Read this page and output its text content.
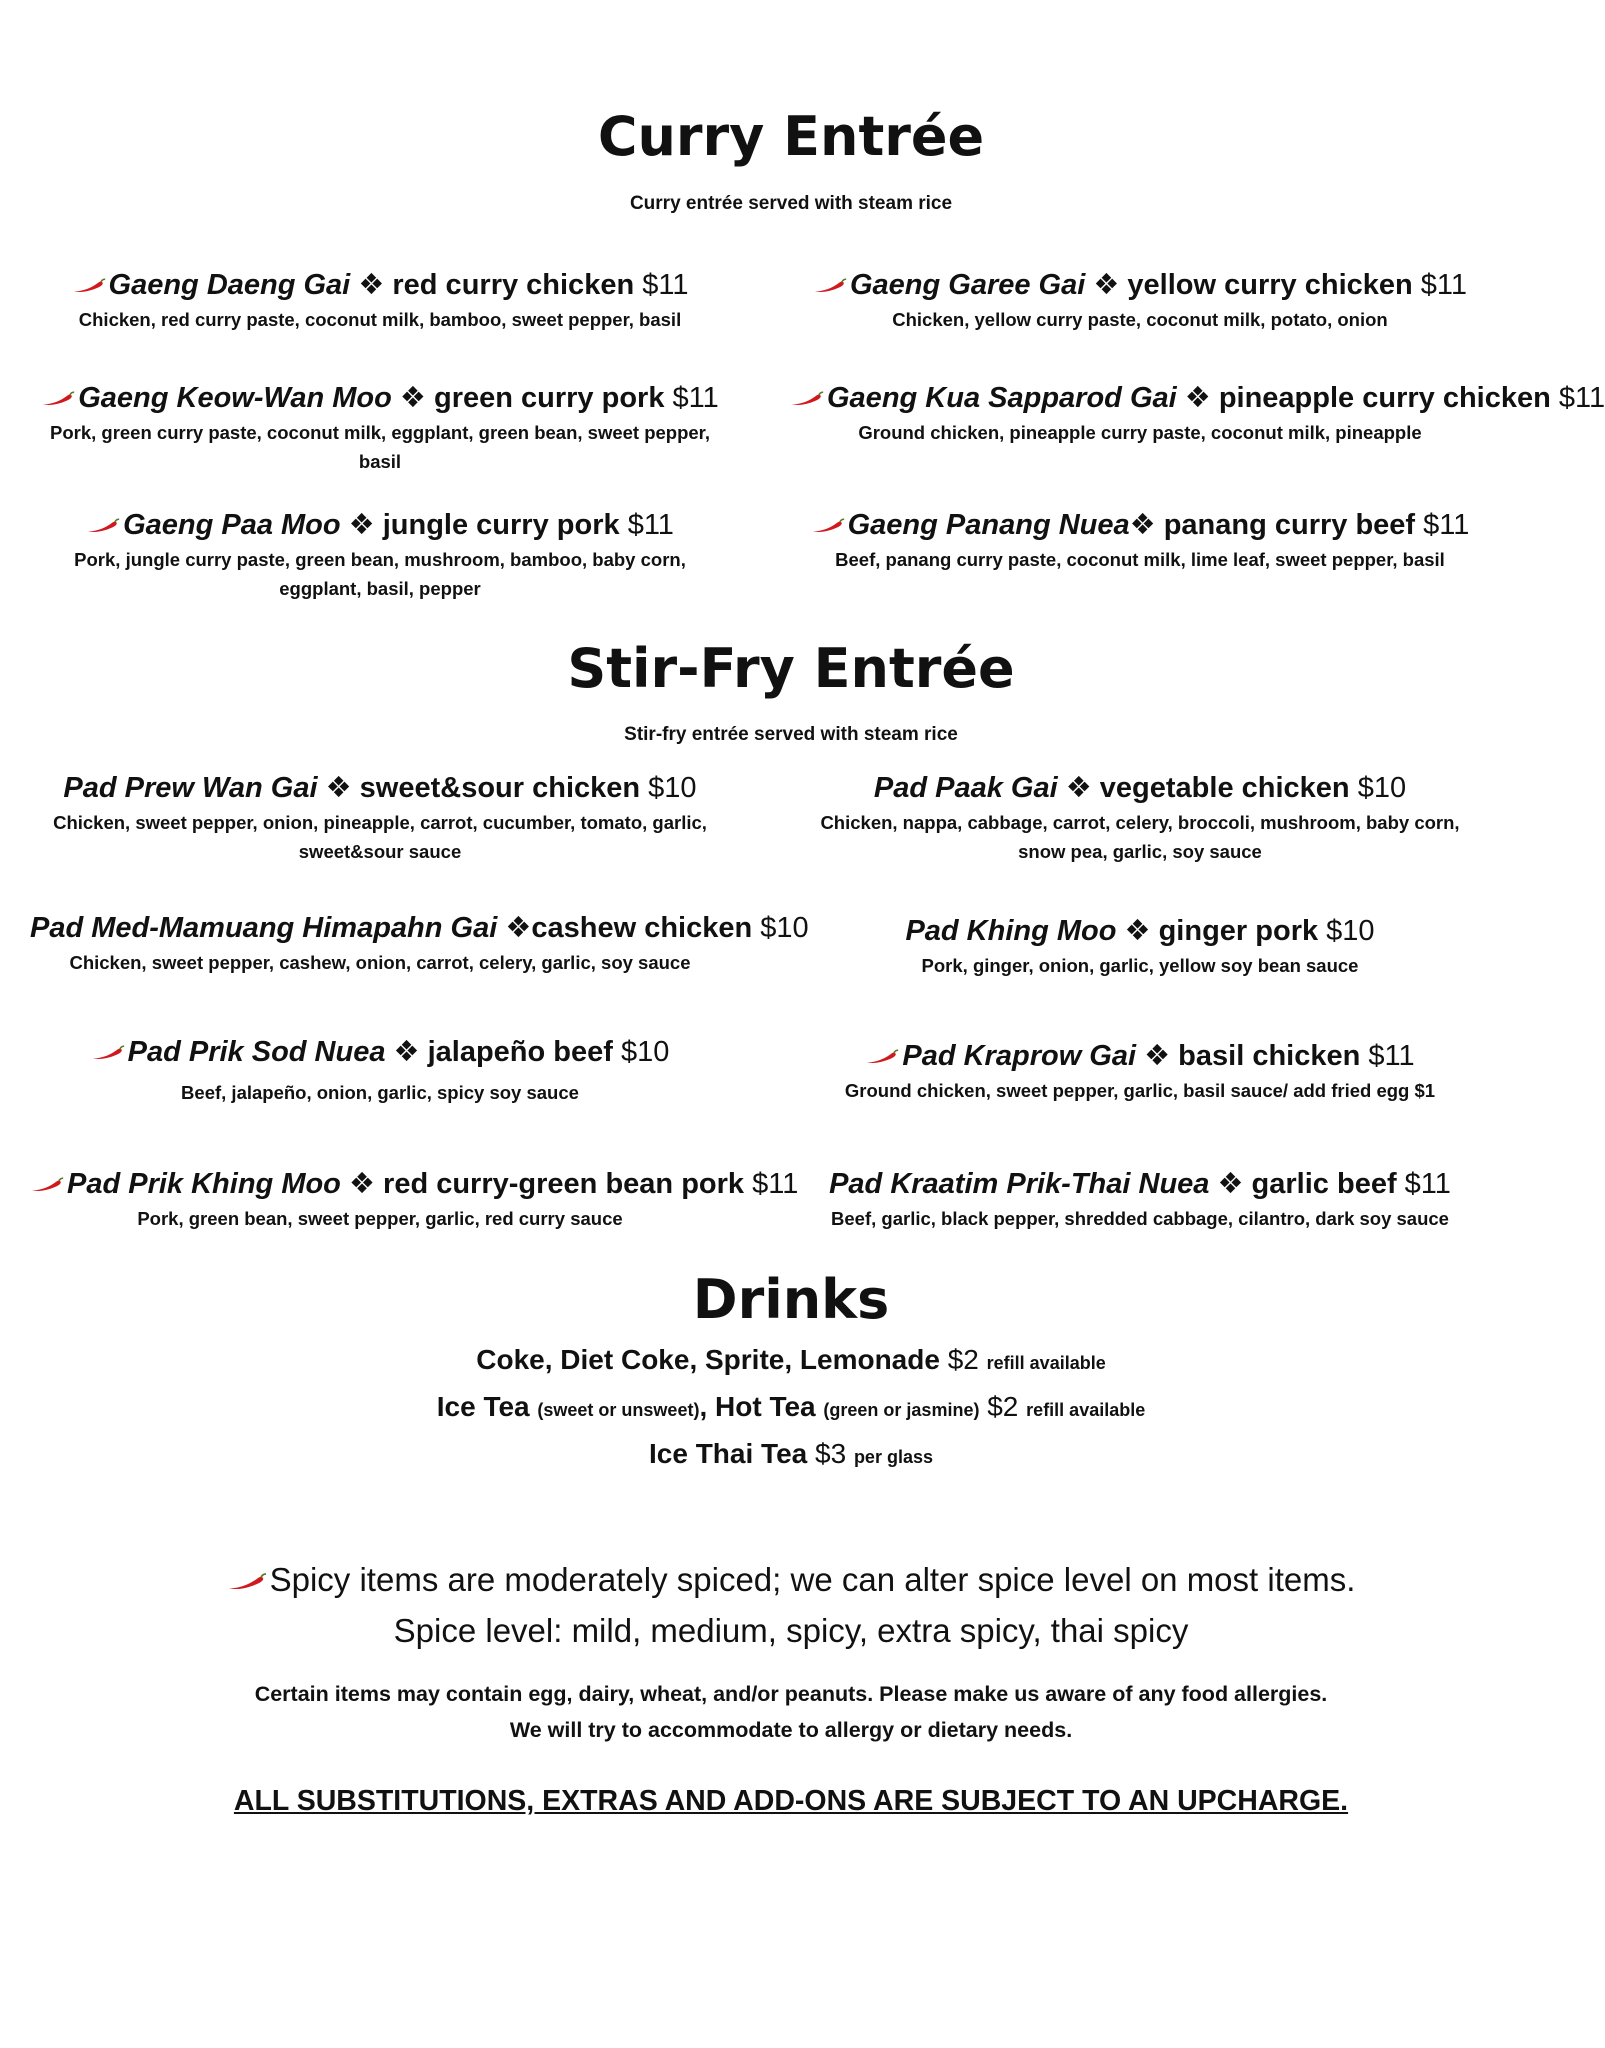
Curry Entrée

Curry entrée served with steam rice

Gaeng Daeng Gai ❖ red curry chicken $11
Chicken, red curry paste, coconut milk, bamboo, sweet pepper, basil
Gaeng Garee Gai ❖ yellow curry chicken $11
Chicken, yellow curry paste, coconut milk, potato, onion
Gaeng Keow-Wan Moo ❖ green curry pork $11
Pork, green curry paste, coconut milk, eggplant, green bean, sweet pepper, basil
Gaeng Kua Sapparod Gai ❖ pineapple curry chicken $11
Ground chicken, pineapple curry paste, coconut milk, pineapple
Gaeng Paa Moo ❖ jungle curry pork $11
Pork, jungle curry paste, green bean, mushroom, bamboo, baby corn, eggplant, basil, pepper
Gaeng Panang Nuea❖ panang curry beef $11
Beef, panang curry paste, coconut milk, lime leaf, sweet pepper, basil
Stir-Fry Entrée

Stir-fry entrée served with steam rice

Pad Prew Wan Gai ❖ sweet&sour chicken $10
Chicken, sweet pepper, onion, pineapple, carrot, cucumber, tomato, garlic, sweet&sour sauce
Pad Paak Gai ❖ vegetable chicken $10
Chicken, nappa, cabbage, carrot, celery, broccoli, mushroom, baby corn, snow pea, garlic, soy sauce
Pad Med-Mamuang Himapahn Gai ❖cashew chicken $10
Chicken, sweet pepper, cashew, onion, carrot, celery, garlic, soy sauce
Pad Khing Moo ❖ ginger pork $10
Pork, ginger, onion, garlic, yellow soy bean sauce
Pad Prik Sod Nuea ❖ jalapeño beef $10
Beef, jalapeño, onion, garlic, spicy soy sauce
Pad Kraprow Gai ❖ basil chicken $11
Ground chicken, sweet pepper, garlic, basil sauce/ add fried egg $1
Pad Prik Khing Moo ❖ red curry-green bean pork $11
Pork, green bean, sweet pepper, garlic, red curry sauce
Pad Kraatim Prik-Thai Nuea ❖ garlic beef $11
Beef, garlic, black pepper, shredded cabbage, cilantro, dark soy sauce
Drinks
Coke, Diet Coke, Sprite, Lemonade $2 refill available
Ice Tea (sweet or unsweet), Hot Tea (green or jasmine) $2 refill available
Ice Thai Tea $3 per glass
Spicy items are moderately spiced; we can alter spice level on most items.
Spice level: mild, medium, spicy, extra spicy, thai spicy
Certain items may contain egg, dairy, wheat, and/or peanuts. Please make us aware of any food allergies.
We will try to accommodate to allergy or dietary needs.
ALL SUBSTITUTIONS, EXTRAS AND ADD-ONS ARE SUBJECT TO AN UPCHARGE.
